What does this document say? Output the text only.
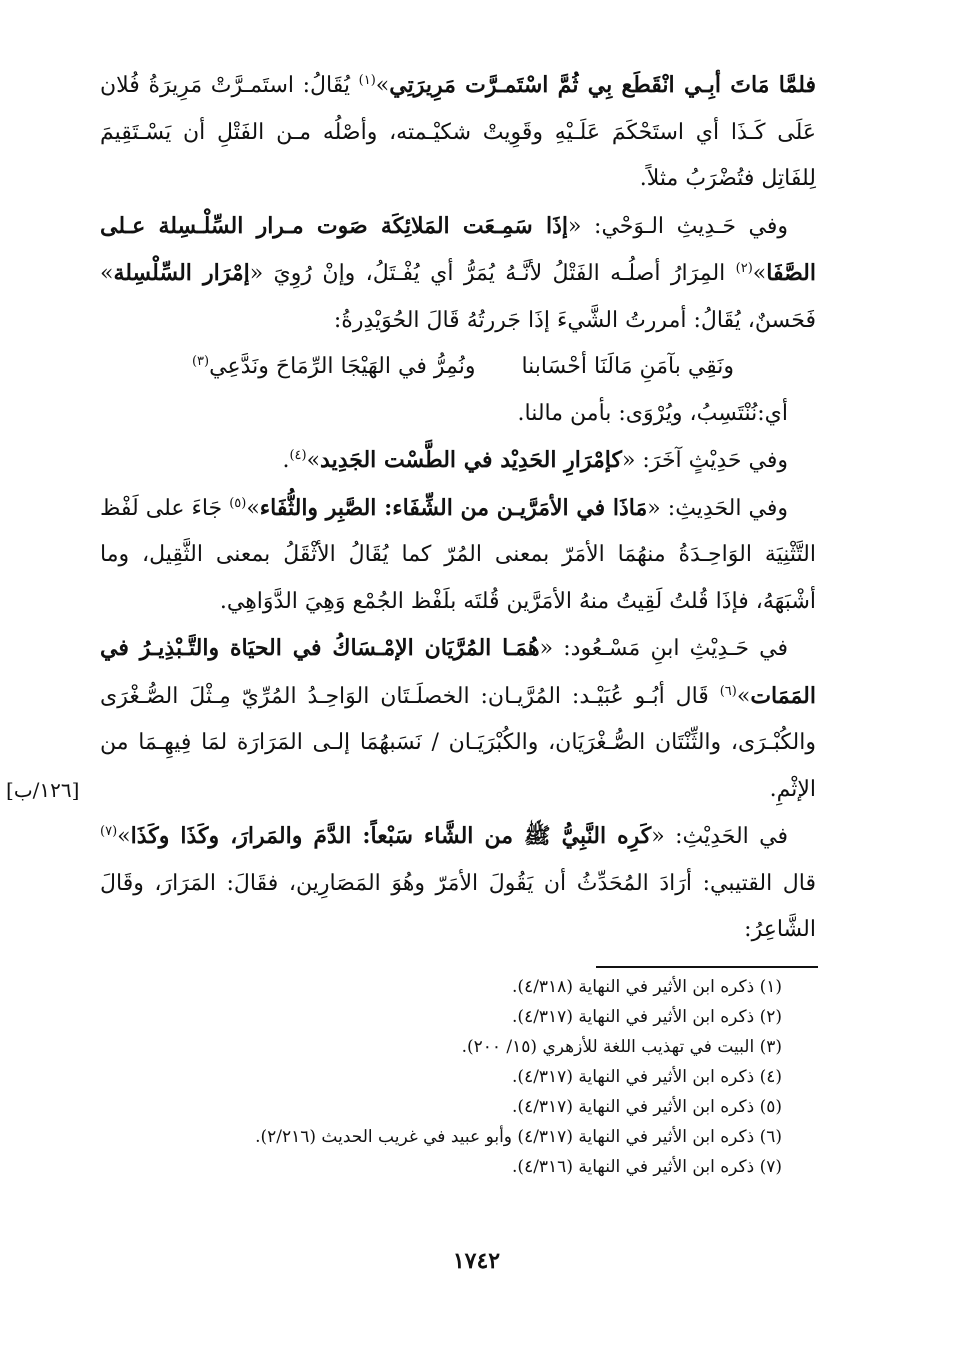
فلمَّا مَاتَ أبِـي انْقَطَع بِي ثُمَّ اسْتَمـرَّت مَرِيرَتِي»$^{(١)}$ يُقَالُ: استَمـرَّتْ مَرِيرَةُ فُلان عَلَى كَـذَا أي استَحْكَمَ عَلَـيْهِ وقَوِيتْ شكيْـمته، وأصْلُه مـن الفَتْلِ أن يَسْـتَقِيمَ لِلفَاتِل فتُضْرَبُ مثلاً.

وفي حَـدِيثِ الـوَحْي: «إذَا سَمِـعَت المَلائِكَة صَوت مـرار السِّلْـسِلة عـلى الصَّفَا»$^{(٢)}$ المِرَارُ أصلُـه الفَتْلُ لأنَّـهُ يُمَرُّ أي يُفْـتَلُ، وإنْ رُوِيَ «إمْرَار السِّلْسِلة» فَحَسنٌ، يُقَالُ: أمررتُ الشَّيءَ إذَا جَررتُهُ قَالَ الحُوَيْدِرةُ:

ونَقِي بآمَنِ مَالَنَا أحْسَابنا
ونُمِرُّ في الهَيْجَا الرِّمَاحَ ونَدَّعِي$^{(٣)}$

أي:نُنْتَسِبُ، ويُرْوَى: بأمن مالنا.

وفي حَدِيْثٍ آخَرَ: «كإمْرَارِ الحَدِيْد في الطَّسْت الجَدِيد»$^{(٤)}$.

وفي الحَدِيثِ: «مَاذَا في الأمَرَّيـن من الشِّفَاء: الصَّبِر والثُّفَاء»$^{(٥)}$ جَاءَ على لَفْظ التَّثْنِيَة الوَاحِـدَةُ منهُمَا الأمَرّ بمعنى المُرّ كما يُقَالُ الأثْقَلُ بمعنى الثَّقِيل، وما أشْبَهَهُ، فإذَا قُلتُ لَقِيتُ منهُ الأمَرَّين قُلتَه بلَفْظ الجُمْع وَهِيَ الدَّوَاهِي.

في حَـدِيْثِ ابنِ مَسْـعُود: «هُمَـا المُرَّيَان الإمْـسَاكُ في الحيَاة والتَّـبْذِيـرُ في المَمَات»$^{(٦)}$ قَال أبُـو عُبَيْـد: المُرَّيـان: الخصلَـتَان الوَاحِـدُ المُرِّيّ مِـثْلَ الصُّـغْرَى والكُبْـرَى، والثِّنْتَان الصُّـغْرَيَان، والكُبْرَيَـان / نَسَبهُمَا إلـى المَرَارَة لمَا فِيهِـمَا من الإثْمِ.

في الحَدِيْثِ: «كَرِه النَّبِيُّ ﷺ من الشَّاء سَبْعاً: الدَّمَ والمَرارَ، وكَذَا وكَذَا»$^{(٧)}$ قال القتيبي: أرَادَ المُحَدِّثُ أن يَقُولَ الأمَرّ وهُوَ المَصَارِين، فقَالَ: المَرَارَ، وقَالَ الشَّاعِرُ:

[١٢٦/ب]
(١) ذكره ابن الأثير في النهاية (٤/٣١٨).
(٢) ذكره ابن الأثير في النهاية (٤/٣١٧).
(٣) البيت في تهذيب اللغة للأزهري (١٥/ ٢٠٠).
(٤) ذكره ابن الأثير في النهاية (٤/٣١٧).
(٥) ذكره ابن الأثير في النهاية (٤/٣١٧).
(٦) ذكره ابن الأثير في النهاية (٤/٣١٧) وأبو عبيد في غريب الحديث (٢/٢١٦).
(٧) ذكره ابن الأثير في النهاية (٤/٣١٦).
١٧٤٢
